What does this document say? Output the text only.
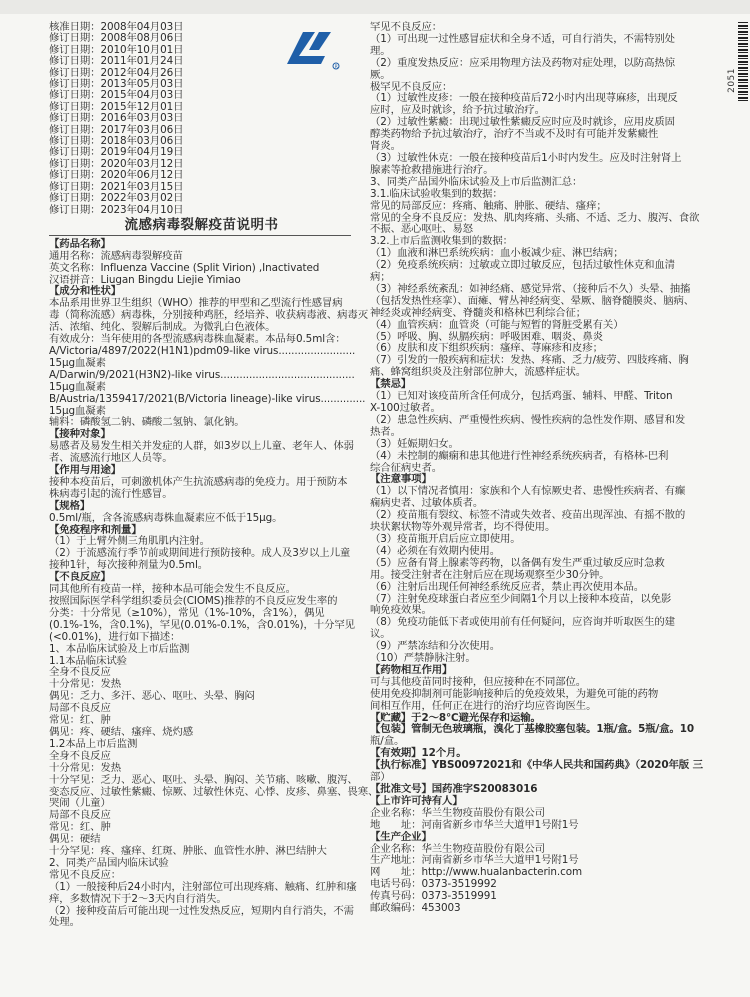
核准日期：2008年04月03日

修订日期：2008年08月06日

修订日期：2010年10月01日

修订日期：2011年01月24日

修订日期：2012年04月26日

修订日期：2013年05月03日

修订日期：2015年04月03日

修订日期：2015年12月01日

修订日期：2016年03月03日

修订日期：2017年03月06日

修订日期：2018年03月06日

修订日期：2019年04月19日

修订日期：2020年03月12日

修订日期：2020年06月12日

修订日期：2021年03月15日

修订日期：2022年03月02日

修订日期：2023年04月10日

流感病毒裂解疫苗说明书

【药品名称】

通用名称：流感病毒裂解疫苗

英文名称：Influenza Vaccine (Split Virion) ,Inactivated

汉语拼音：Liugan Bingdu Liejie Yimiao

【成分和性状】

本品系用世界卫生组织（WHO）推荐的甲型和乙型流行性感冒病

毒（简称流感）病毒株，分别接种鸡胚，经培养、收获病毒液、病毒灭

活、浓缩、纯化、裂解后制成。为微乳白色液体。

有效成分：当年使用的各型流感病毒株血凝素。本品每0.5ml含：

A/Victoria/4897/2022(H1N1)pdm09-like virus........................

15μg血凝素

A/Darwin/9/2021(H3N2)-like virus..........................................

15μg血凝素

B/Austria/1359417/2021(B/Victoria lineage)-like virus..............

15μg血凝素

辅料：磷酸氢二钠、磷酸二氢钠、氯化钠。

【接种对象】

易感者及易发生相关并发症的人群，如3岁以上儿童、老年人、体弱

者、流感流行地区人员等。

【作用与用途】

接种本疫苗后，可刺激机体产生抗流感病毒的免疫力。用于预防本

株病毒引起的流行性感冒。

【规格】

0.5ml/瓶，含各流感病毒株血凝素应不低于15μg。

【免疫程序和剂量】

（1）于上臂外侧三角肌肌内注射。

（2）于流感流行季节前或期间进行预防接种。成人及3岁以上儿童

接种1针，每次接种剂量为0.5ml。

【不良反应】

同其他所有疫苗一样，接种本品可能会发生不良反应。

按照国际医学科学组织委员会(CIOMS)推荐的不良反应发生率的

分类：十分常见（≥10%），常见（1%-10%，含1%），偶见

(0.1%-1%，含0.1%)，罕见(0.01%-0.1%，含0.01%)，十分罕见

(<0.01%)，进行如下描述：

1、本品临床试验及上市后监测

1.1本品临床试验

全身不良反应

十分常见：发热

偶见：乏力、多汗、恶心、呕吐、头晕、胸闷

局部不良反应

常见：红、肿

偶见：疼、硬结、瘙痒、烧灼感

1.2本品上市后监测

全身不良反应

十分常见：发热

十分罕见：乏力、恶心、呕吐、头晕、胸闷、关节痛、咳嗽、腹泻、

变态反应、过敏性紫癜、惊厥、过敏性休克、心悸、皮疹、鼻塞、畏寒、

哭闹（儿童）

局部不良反应

常见：红、肿

偶见：硬结

十分罕见：疼、瘙痒、红斑、肿胀、血管性水肿、淋巴结肿大

2、同类产品国内临床试验

常见不良反应：

（1）一般接种后24小时内，注射部位可出现疼痛、触痛、红肿和瘙

痒，多数情况下于2～3天内自行消失。

（2）接种疫苗后可能出现一过性发热反应，短期内自行消失，不需

处理。

R

罕见不良反应：

（1）可出现一过性感冒症状和全身不适，可自行消失，不需特别处

理。

（2）重度发热反应：应采用物理方法及药物对症处理，以防高热惊

厥。

极罕见不良反应：

（1）过敏性皮疹：一般在接种疫苗后72小时内出现荨麻疹，出现反

应时，应及时就诊，给予抗过敏治疗。

（2）过敏性紫癜：出现过敏性紫癜反应时应及时就诊，应用皮质固

醇类药物给予抗过敏治疗，治疗不当或不及时有可能并发紫癜性

肾炎。

（3）过敏性休克：一般在接种疫苗后1小时内发生。应及时注射肾上

腺素等抢救措施进行治疗。

3、同类产品国外临床试验及上市后监测汇总：

3.1.临床试验收集到的数据：

常见的局部反应：疼痛、触痛、肿胀、硬结、瘙痒；

常见的全身不良反应：发热、肌肉疼痛、头痛、不适、乏力、腹泻、食欲

不振、恶心呕吐、易怒

3.2.上市后监测收集到的数据：

（1）血液和淋巴系统疾病：血小板减少症、淋巴结病；

（2）免疫系统疾病：过敏或立即过敏反应，包括过敏性休克和血清

病；

（3）神经系统紊乱：如神经痛、感觉异常、（接种后不久）头晕、抽搐

（包括发热性痉挛）、面瘫、臂丛神经病变、晕厥、脑脊髓膜炎、脑病、

神经炎或神经病变、脊髓炎和格林巴利综合征；

（4）血管疾病：血管炎（可能与短暂的肾脏受累有关）

（5）呼吸、胸、纵膈疾病：呼吸困难、咽炎、鼻炎

（6）皮肤和皮下组织疾病：瘙痒、荨麻疹和皮疹；

（7）引发的一般疾病和症状：发热、疼痛、乏力/疲劳、四肢疼痛、胸

痛、蜂窝组织炎及注射部位肿大，流感样症状。

【禁忌】

（1）已知对该疫苗所含任何成分，包括鸡蛋、辅料、甲醛、Triton

X-100过敏者。

（2）患急性疾病、严重慢性疾病、慢性疾病的急性发作期、感冒和发

热者。

（3）妊娠期妇女。

（4）未控制的癫痫和患其他进行性神经系统疾病者，有格林-巴利

综合征病史者。

【注意事项】

（1）以下情况者慎用：家族和个人有惊厥史者、患慢性疾病者、有癫

痫病史者、过敏体质者。

（2）疫苗瓶有裂纹、标签不清或失效者、疫苗出现浑浊、有摇不散的

块状絮状物等外观异常者，均不得使用。

（3）疫苗瓶开启后应立即使用。

（4）必须在有效期内使用。

（5）应备有肾上腺素等药物，以备偶有发生严重过敏反应时急救

用。接受注射者在注射后应在现场观察至少30分钟。

（6）注射后出现任何神经系统反应者，禁止再次使用本品。

（7）注射免疫球蛋白者应至少间隔1个月以上接种本疫苗，以免影

响免疫效果。

（8）免疫功能低下者或使用前有任何疑问，应咨询并听取医生的建

议。

（9）严禁冻结和分次使用。

（10）严禁静脉注射。

【药物相互作用】

可与其他疫苗同时接种，但应接种在不同部位。

使用免疫抑制剂可能影响接种后的免疫效果，为避免可能的药物

间相互作用，任何正在进行的治疗均应咨询医生。

【贮藏】于2～8℃避光保存和运输。

【包装】管制无色玻璃瓶，溴化丁基橡胶塞包装。1瓶/盒。5瓶/盒。10

瓶/盒。

【有效期】12个月。

【执行标准】YBS00972021和《中华人民共和国药典》（2020年版 三

部）

【批准文号】国药准字S20083016

【上市许可持有人】

企业名称：华兰生物疫苗股份有限公司

地　　址：河南省新乡市华兰大道甲1号附1号

【生产企业】

企业名称：华兰生物疫苗股份有限公司

生产地址：河南省新乡市华兰大道甲1号附1号

网　　址：http://www.hualanbacterin.com

电话号码：0373-3519992

传真号码：0373-3519991

邮政编码：453003

2051
